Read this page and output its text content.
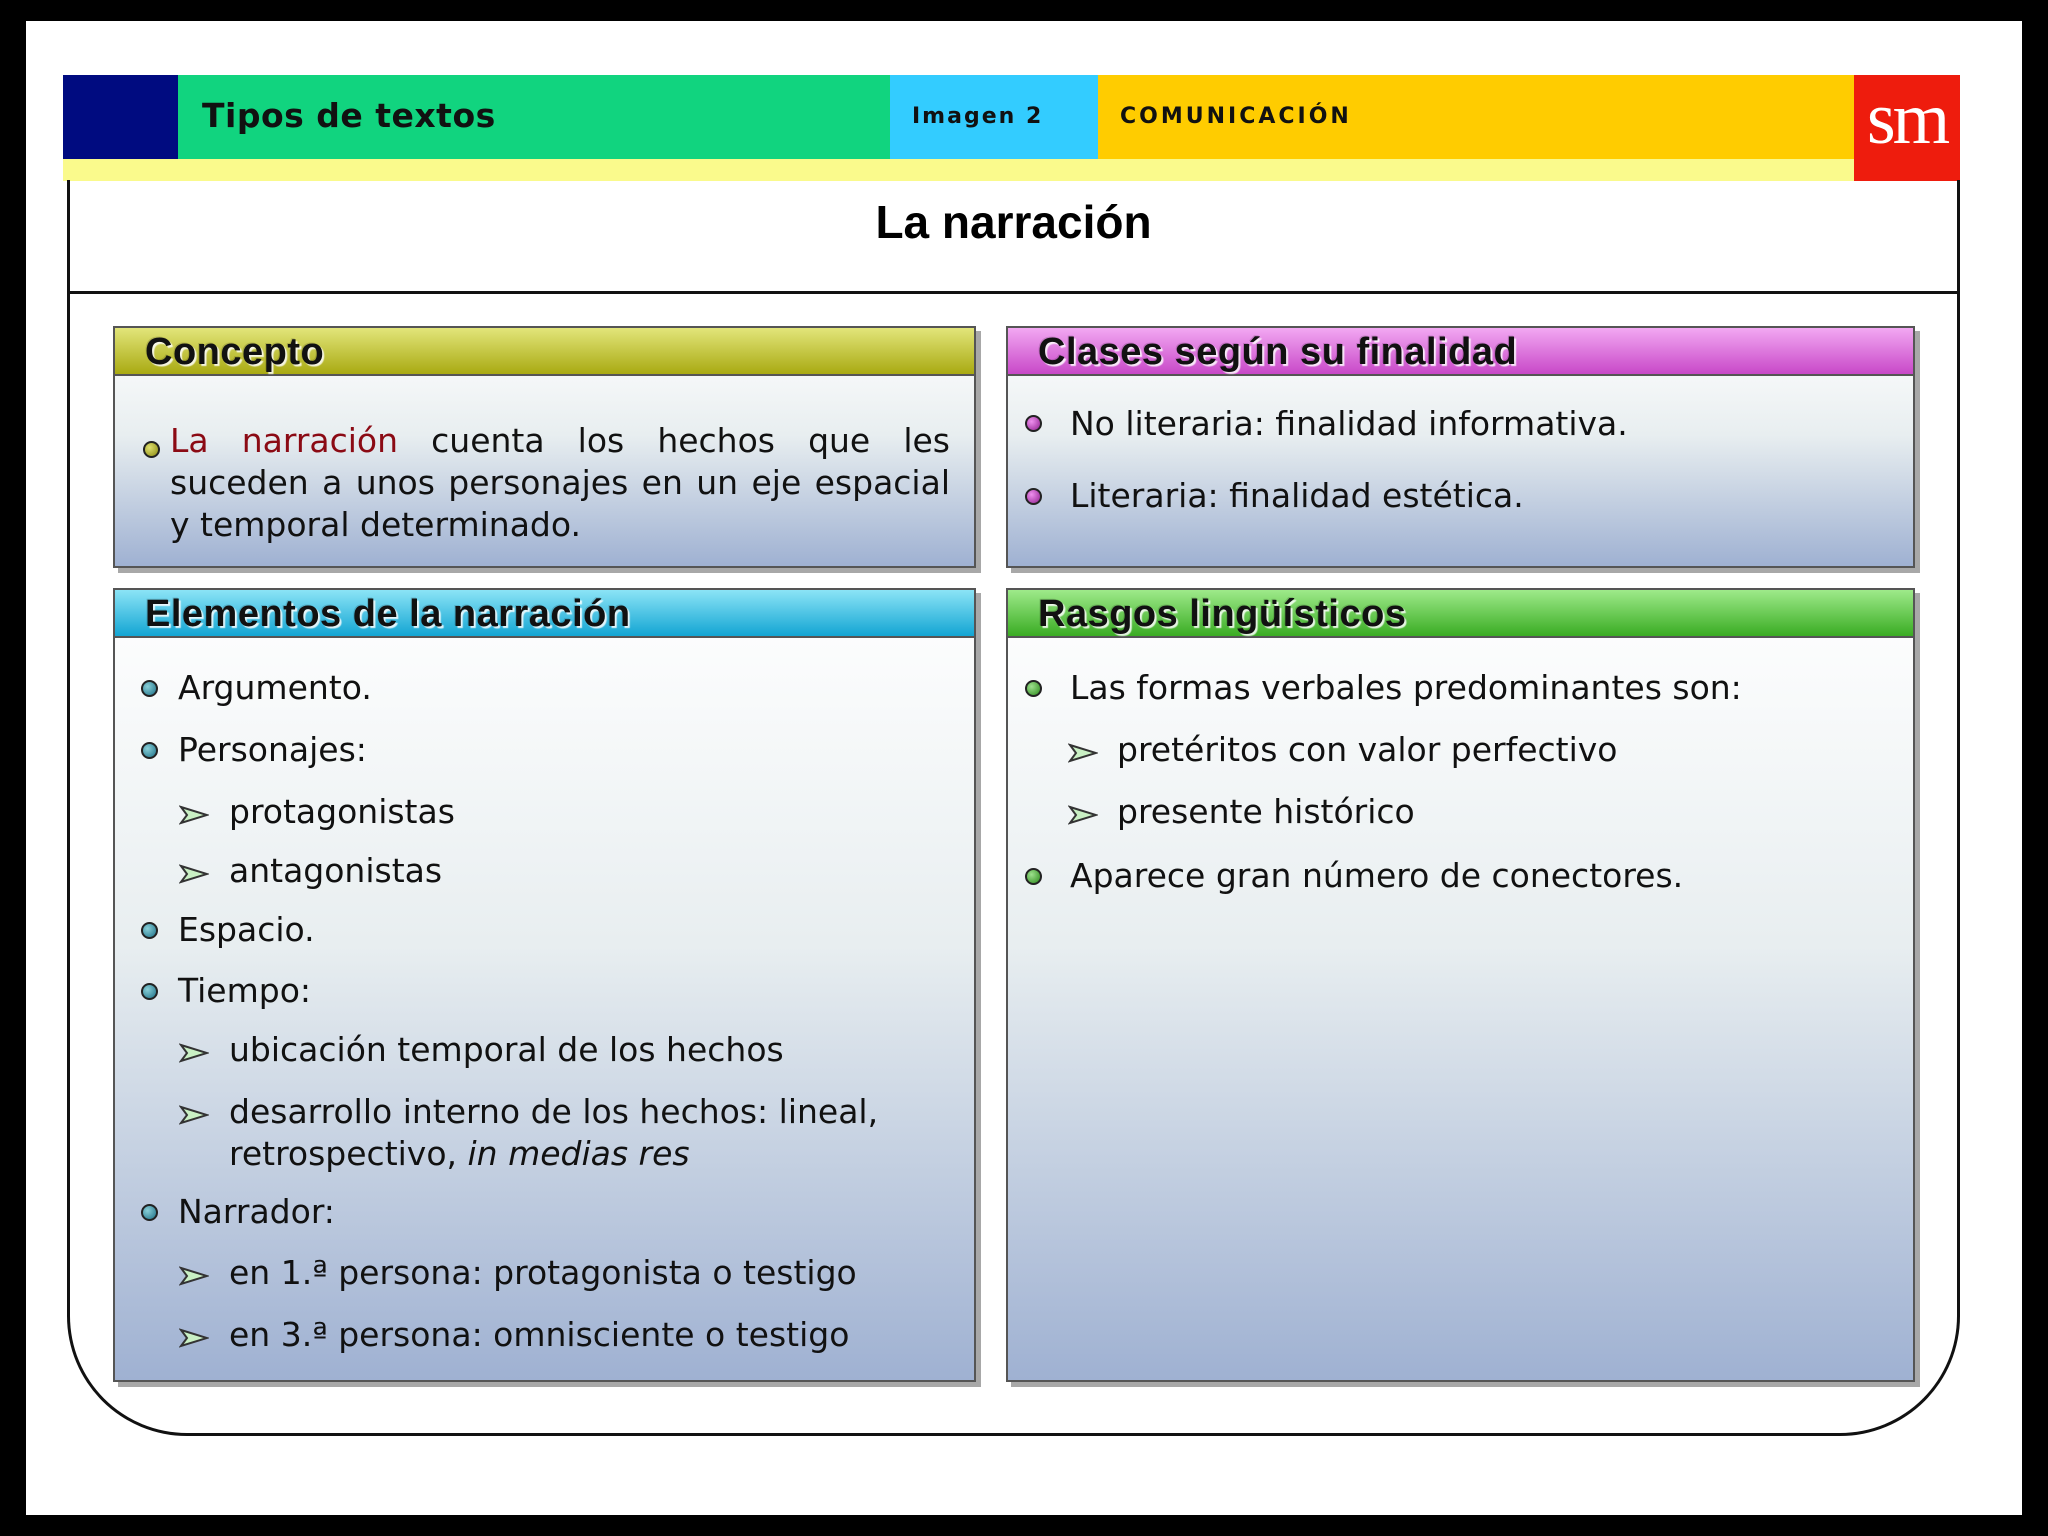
Tipos de textos	Imagen 2	COMUNICACIÓN	sm
La narración
Concepto
La narración cuenta los hechos que les suceden a unos personajes en un eje espacial y temporal determinado.
Clases según su finalidad
No literaria: finalidad informativa.
Literaria: finalidad estética.
Elementos de la narración
Argumento.
Personajes:
protagonistas
antagonistas
Espacio.
Tiempo:
ubicación temporal de los hechos
desarrollo interno de los hechos: lineal,
retrospectivo, in medias res
Narrador:
en 1.ª persona: protagonista o testigo
en 3.ª persona: omnisciente o testigo
Rasgos lingüísticos
Las formas verbales predominantes son:
pretéritos con valor perfectivo
presente histórico
Aparece gran número de conectores.
